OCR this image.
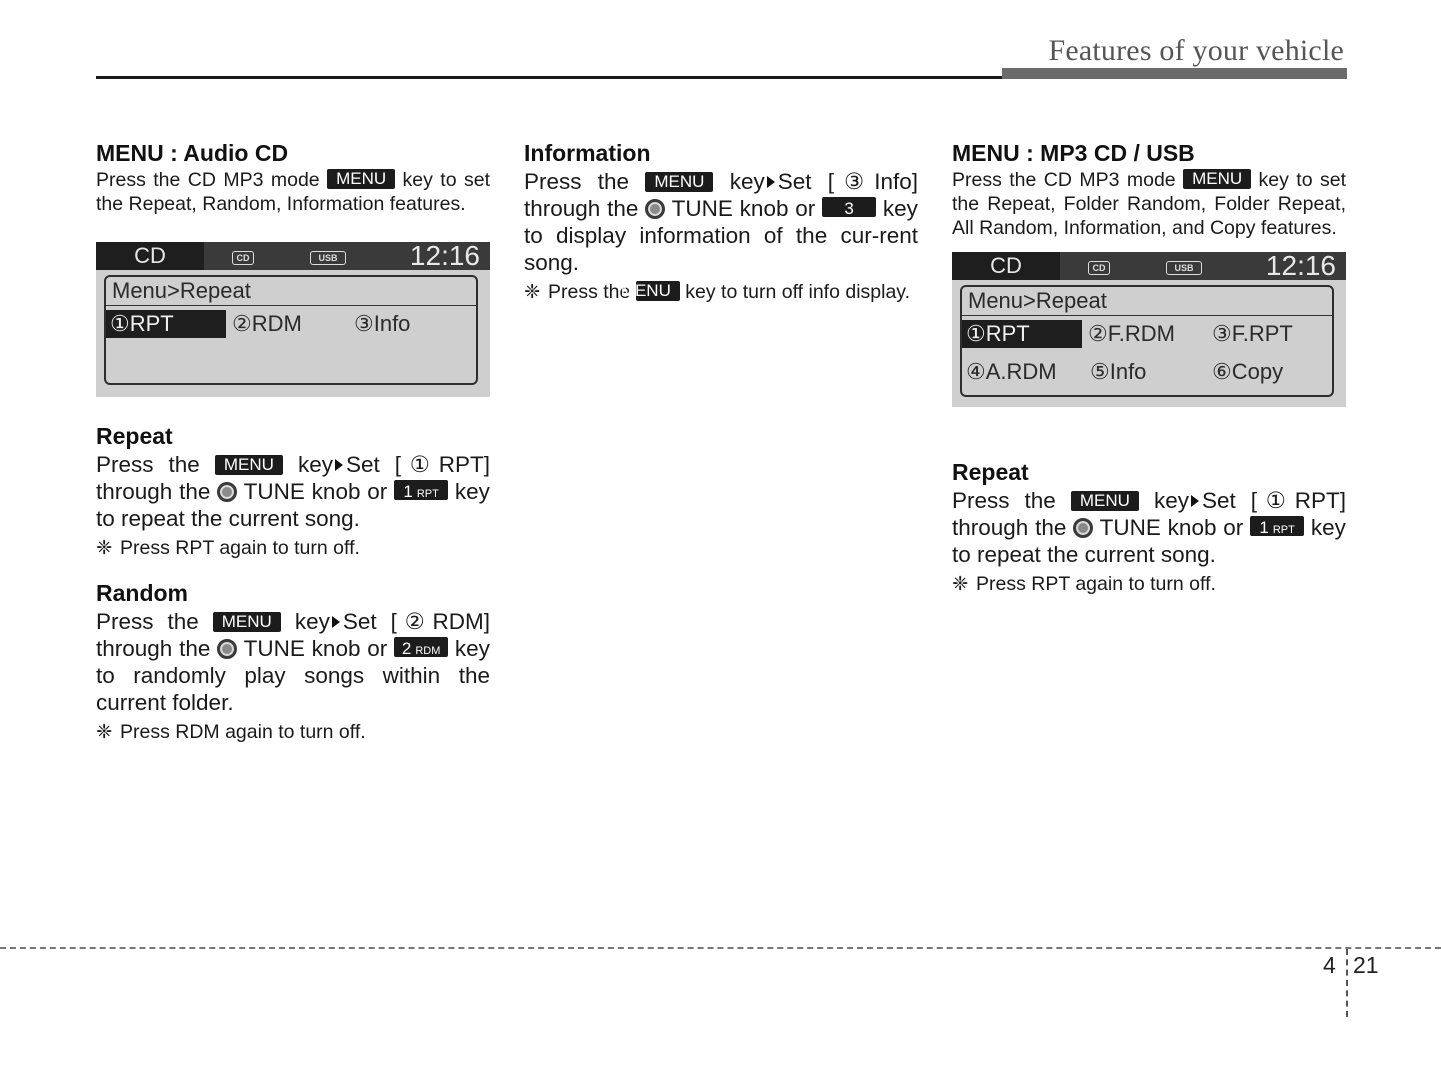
Features of your vehicle
MENU : Audio CD

Press the CD MP3 mode MENU key to set the Repeat, Random, Information features.

CD	CD	USB	12:16
Menu>Repeat
①RPT	②RDM ③Info
Repeat

Press the MENU key Set [①RPT] through the TUNE knob or 1 RPT key to repeat the current song.

❈ Press RPT again to turn off.

Random

Press the MENU key Set [②RDM] through the TUNE knob or 2 RDM key to randomly play songs within the current folder.

❈ Press RDM again to turn off.

Information

Press the MENU key Set [③Info] through the TUNE knob or 3 key to display information of the cur-rent song.

❈ Press the MENU key to turn off info display.

MENU : MP3 CD / USB

Press the CD MP3 mode MENU key to set the Repeat, Folder Random, Folder Repeat, All Random, Information, and Copy features.

CD	CD	USB	12:16
Menu>Repeat
①RPT	②F.RDM ③F.RPT
④A.RDM ⑤Info	⑥Copy
Repeat

Press the MENU key Set [①RPT] through the TUNE knob or 1 RPT key to repeat the current song.

❈ Press RPT again to turn off.

4 21
